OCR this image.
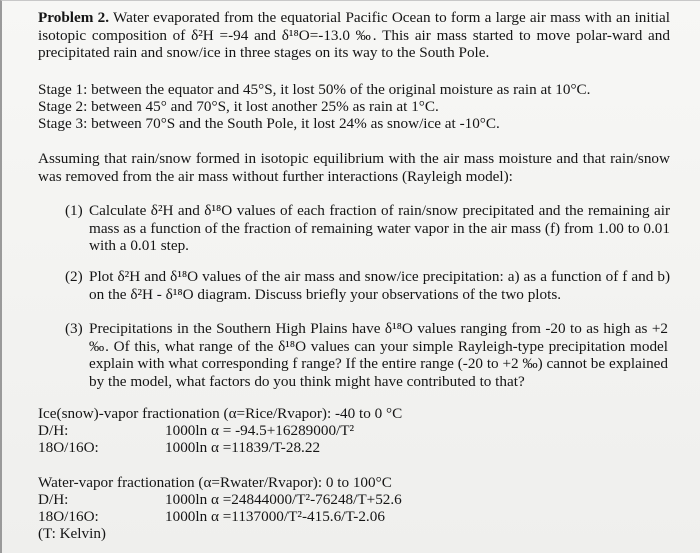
Problem 2. Water evaporated from the equatorial Pacific Ocean to form a large air mass with an initial isotopic composition of δ²H =-94 and δ¹⁸O=-13.0 ‰. This air mass started to move polar-ward and precipitated rain and snow/ice in three stages on its way to the South Pole.
Stage 1: between the equator and 45°S, it lost 50% of the original moisture as rain at 10°C.
Stage 2: between 45° and 70°S, it lost another 25% as rain at 1°C.
Stage 3: between 70°S and the South Pole, it lost 24% as snow/ice at -10°C.
Assuming that rain/snow formed in isotopic equilibrium with the air mass moisture and that rain/snow was removed from the air mass without further interactions (Rayleigh model):
(1) Calculate δ²H and δ¹⁸O values of each fraction of rain/snow precipitated and the remaining air mass as a function of the fraction of remaining water vapor in the air mass (f) from 1.00 to 0.01 with a 0.01 step.
(2) Plot δ²H and δ¹⁸O values of the air mass and snow/ice precipitation: a) as a function of f and b) on the δ²H - δ¹⁸O diagram. Discuss briefly your observations of the two plots.
(3) Precipitations in the Southern High Plains have δ¹⁸O values ranging from -20 to as high as +2 ‰. Of this, what range of the δ¹⁸O values can your simple Rayleigh-type precipitation model explain with what corresponding f range? If the entire range (-20 to +2 ‰) cannot be explained by the model, what factors do you think might have contributed to that?
Ice(snow)-vapor fractionation (α=Rice/Rvapor): -40 to 0 °C
D/H:	1000ln α = -94.5+16289000/T²
18O/16O:	1000ln α =11839/T-28.22
Water-vapor fractionation (α=Rwater/Rvapor): 0 to 100°C
D/H:	1000ln α =24844000/T²-76248/T+52.6
18O/16O:	1000ln α =1137000/T²-415.6/T-2.06
(T: Kelvin)
